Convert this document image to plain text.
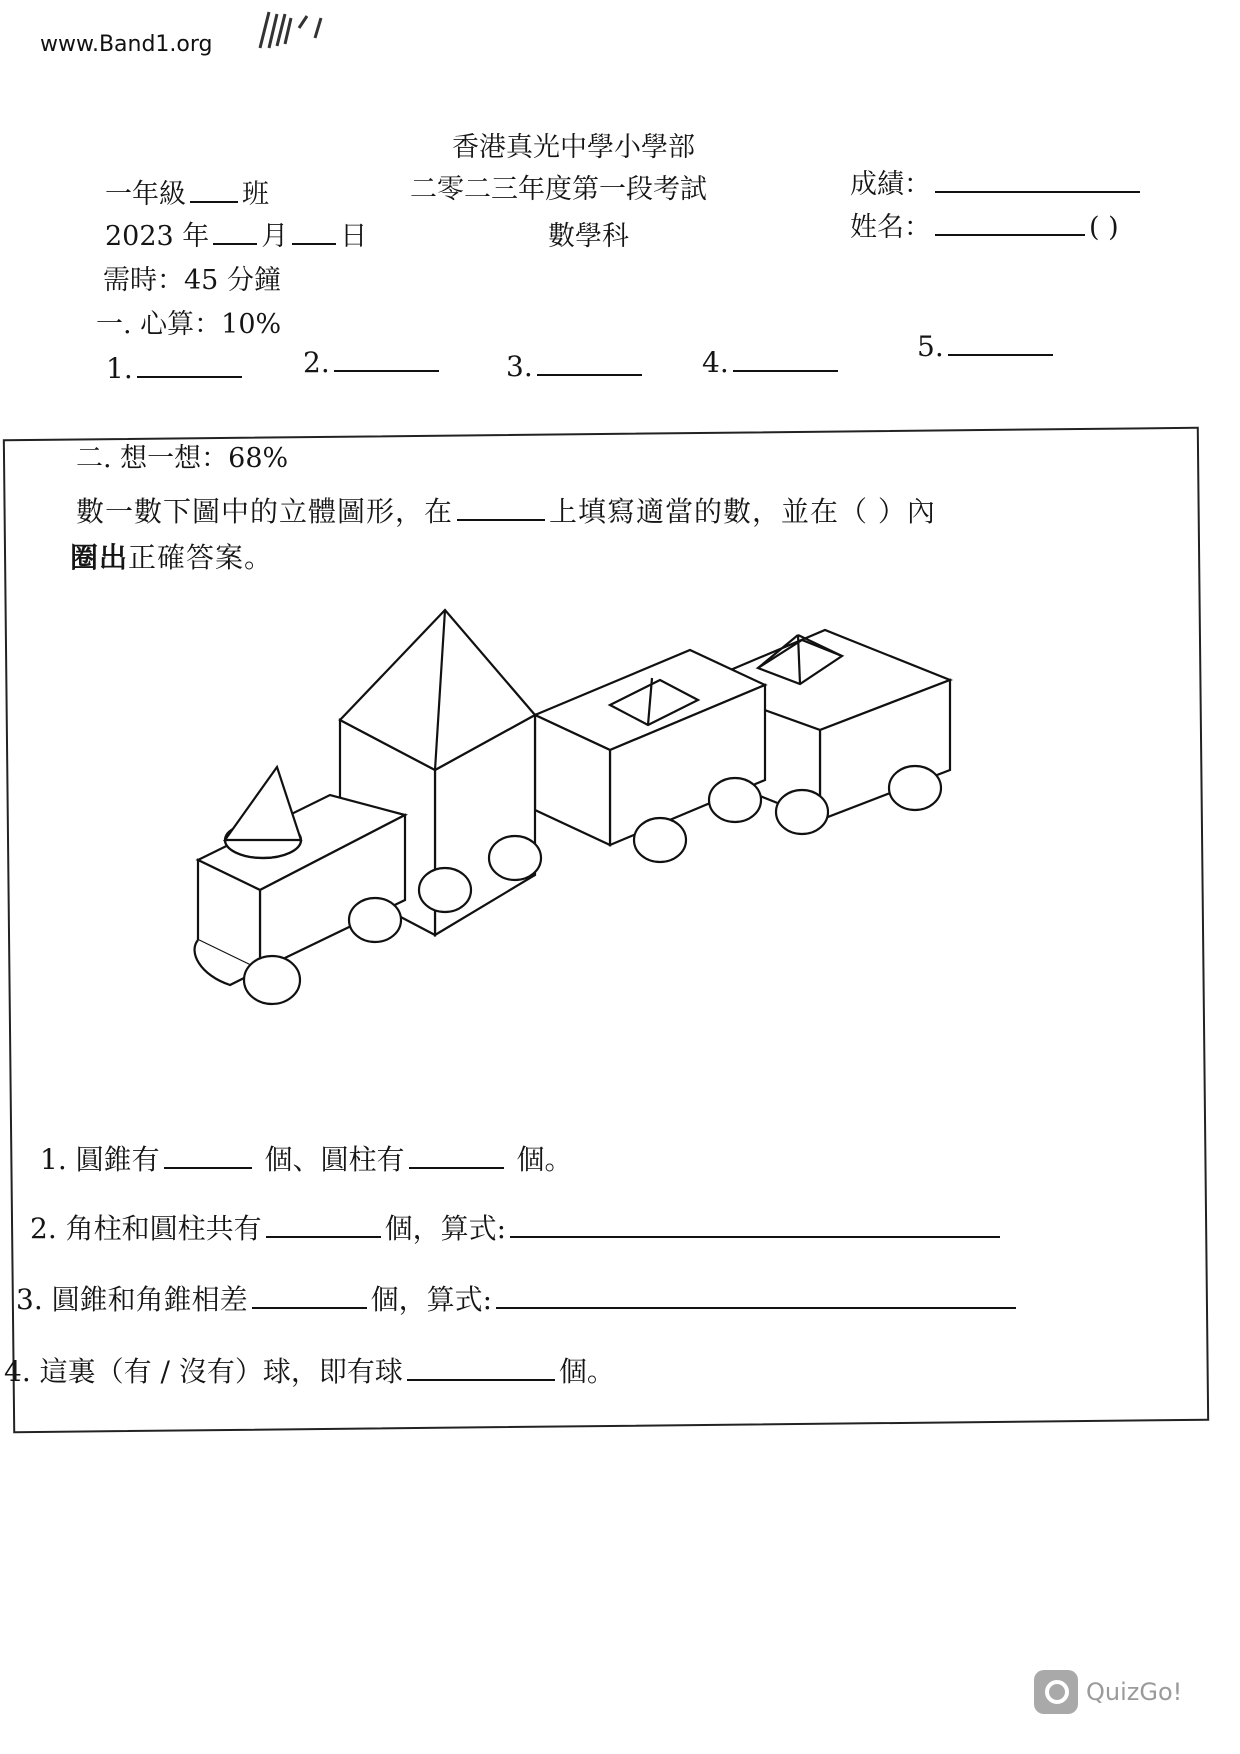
www.Band1.org
香港真光中學小學部
一年級 班	二零二三年度第一段考試	成績：
2023 年 月 日	數學科	姓名：	( )
需時：45 分鐘
一. 心算：10%
1.	2.	3.	4.	5.
二. 想一想：68%
數一數下圖中的立體圖形，在	上填寫適當的數，並在（ ）內
圈出正確答案。
1. 圓錐有	個、圓柱有	個。
2. 角柱和圓柱共有	個，算式:
3. 圓錐和角錐相差	個，算式:
4. 這裏（有 / 沒有）球，即有球	個。
QuizGo!
